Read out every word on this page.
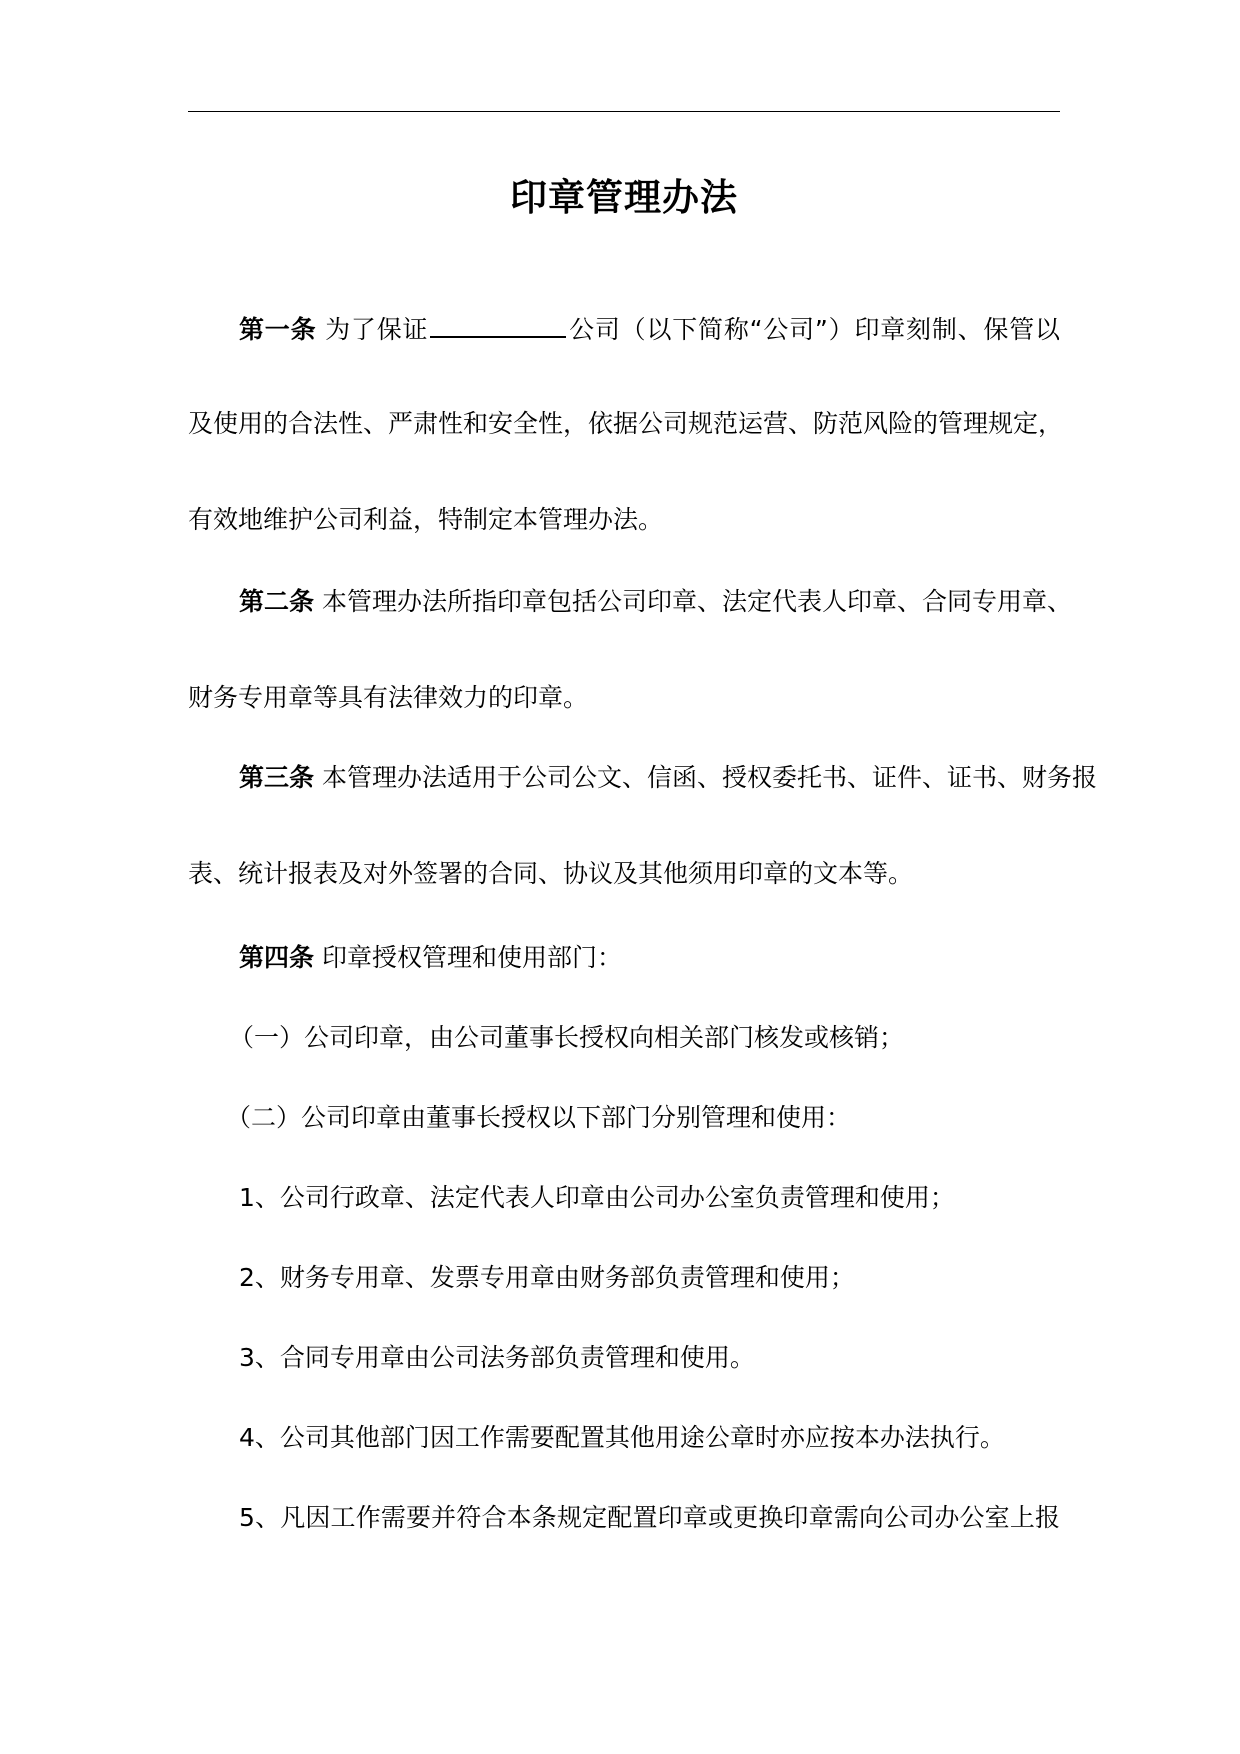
印章管理办法
第一条 为了保证	公司（以下简称“公司”）印章刻制、保管以
及使用的合法性、严肃性和安全性，依据公司规范运营、防范风险的管理规定，
有效地维护公司利益，特制定本管理办法。
第二条 本管理办法所指印章包括公司印章、法定代表人印章、合同专用章、
财务专用章等具有法律效力的印章。
第三条 本管理办法适用于公司公文、信函、授权委托书、证件、证书、财务报
表、统计报表及对外签署的合同、协议及其他须用印章的文本等。
第四条 印章授权管理和使用部门：
（一）公司印章，由公司董事长授权向相关部门核发或核销；
（二）公司印章由董事长授权以下部门分别管理和使用：
1、公司行政章、法定代表人印章由公司办公室负责管理和使用；
2、财务专用章、发票专用章由财务部负责管理和使用；
3、合同专用章由公司法务部负责管理和使用。
4、公司其他部门因工作需要配置其他用途公章时亦应按本办法执行。
5、凡因工作需要并符合本条规定配置印章或更换印章需向公司办公室上报
